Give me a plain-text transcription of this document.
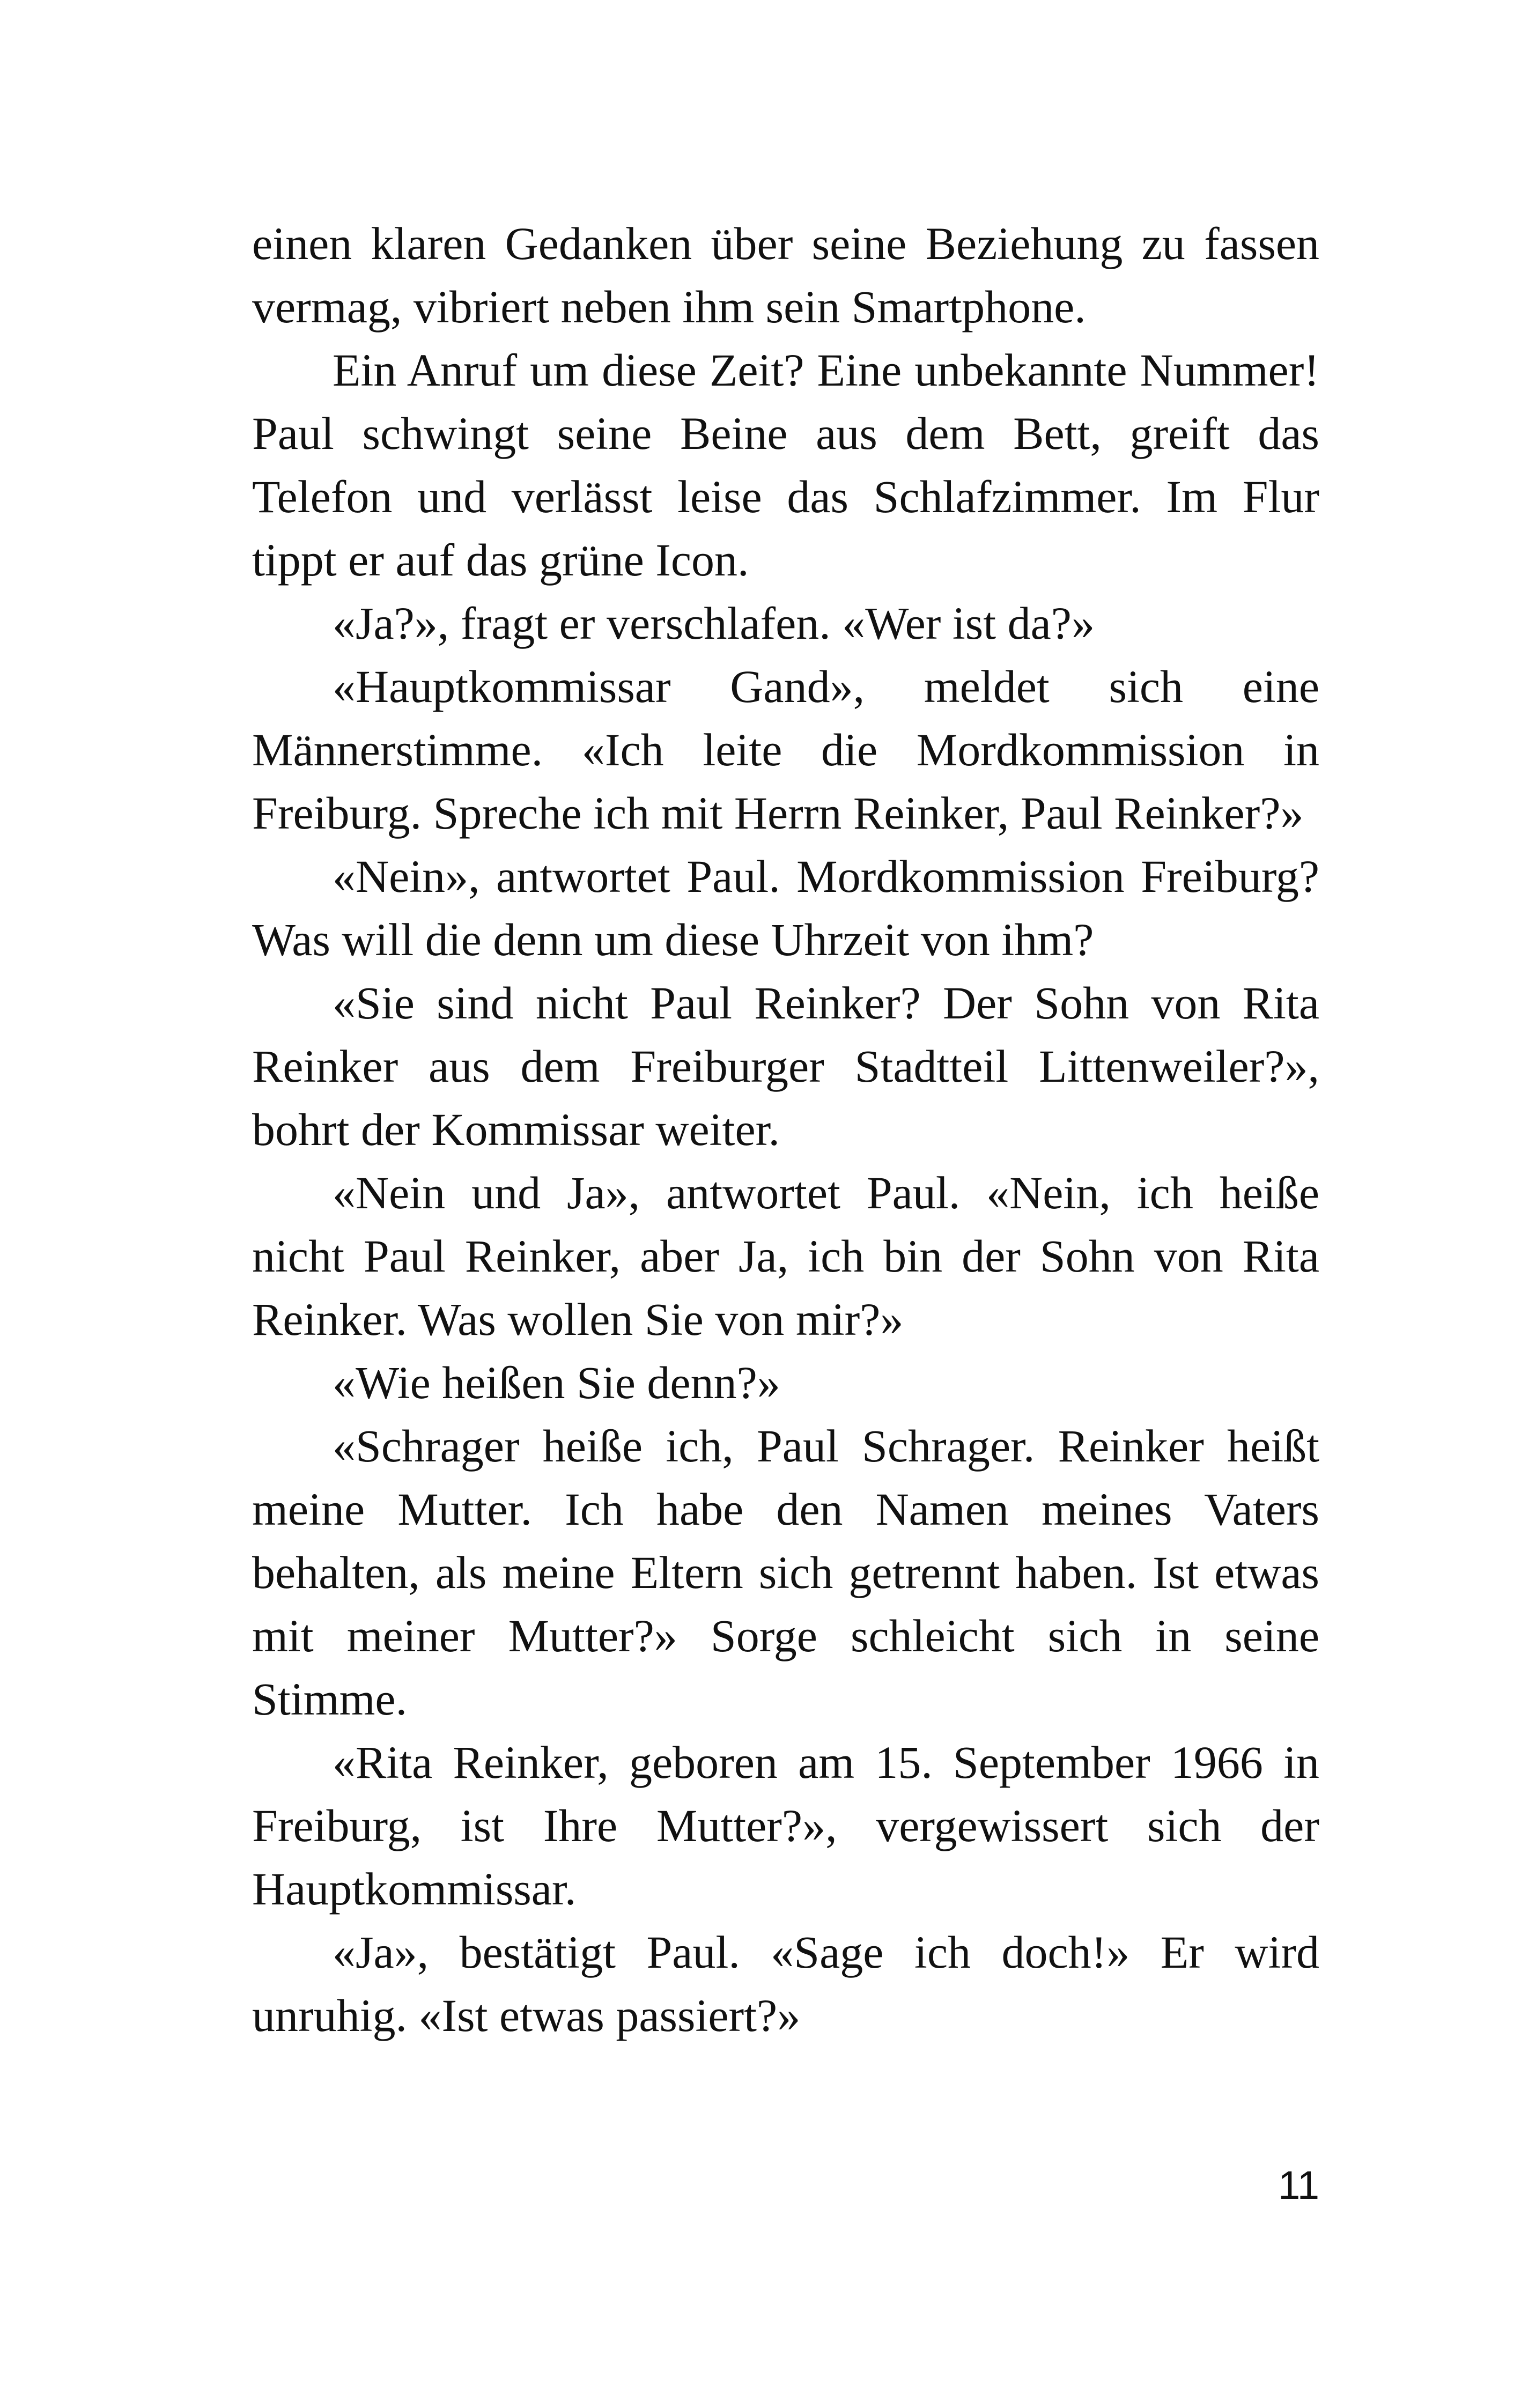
einen klaren Gedanken über seine Beziehung zu fassen vermag, vibriert neben ihm sein Smartphone.

Ein Anruf um diese Zeit? Eine unbekannte Nummer! Paul schwingt seine Beine aus dem Bett, greift das Telefon und verlässt leise das Schlafzimmer. Im Flur tippt er auf das grüne Icon.

«Ja?», fragt er verschlafen. «Wer ist da?»

«Hauptkommissar Gand», meldet sich eine Männerstimme. «Ich leite die Mordkommission in Freiburg. Spreche ich mit Herrn Reinker, Paul Reinker?»

«Nein», antwortet Paul. Mordkommission Freiburg? Was will die denn um diese Uhrzeit von ihm?

«Sie sind nicht Paul Reinker? Der Sohn von Rita Reinker aus dem Freiburger Stadtteil Littenweiler?», bohrt der Kommissar weiter.

«Nein und Ja», antwortet Paul. «Nein, ich heiße nicht Paul Reinker, aber Ja, ich bin der Sohn von Rita Reinker. Was wollen Sie von mir?»

«Wie heißen Sie denn?»

«Schrager heiße ich, Paul Schrager. Reinker heißt meine Mutter. Ich habe den Namen meines Vaters behalten, als meine Eltern sich getrennt haben. Ist etwas mit meiner Mutter?» Sorge schleicht sich in seine Stimme.

«Rita Reinker, geboren am 15. September 1966 in Freiburg, ist Ihre Mutter?», vergewissert sich der Hauptkommissar.

«Ja», bestätigt Paul. «Sage ich doch!» Er wird unruhig. «Ist etwas passiert?»

11
